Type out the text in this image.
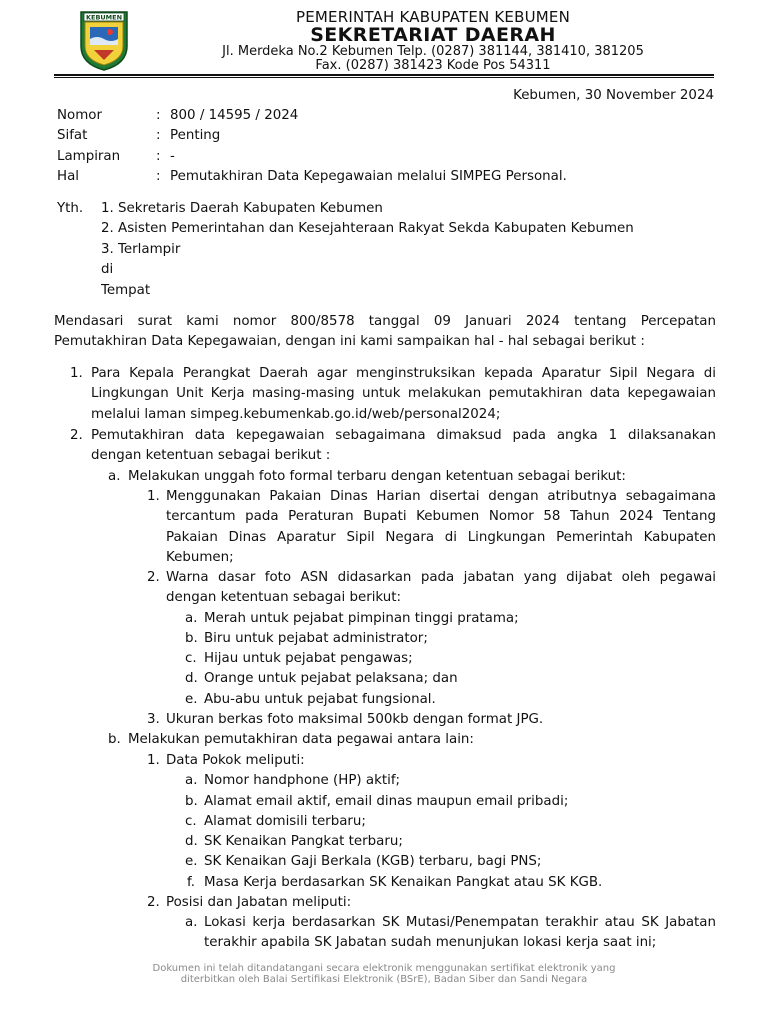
KEBUMEN	PEMERINTAH KABUPATEN KEBUMEN
SEKRETARIAT DAERAH
Jl. Merdeka No.2 Kebumen Telp. (0287) 381144, 381410, 381205
Fax. (0287) 381423 Kode Pos 54311
Kebumen, 30 November 2024
Nomor	: 800 / 14595 / 2024
Sifat	: Penting
Lampiran	: -
Hal	: Pemutakhiran Data Kepegawaian melalui SIMPEG Personal.
Yth. 1. Sekretaris Daerah Kabupaten Kebumen
2. Asisten Pemerintahan dan Kesejahteraan Rakyat Sekda Kabupaten Kebumen
3. Terlampir
di
Tempat
Mendasari surat kami nomor 800/8578 tanggal 09 Januari 2024 tentang Percepatan
Pemutakhiran Data Kepegawaian, dengan ini kami sampaikan hal - hal sebagai berikut :
1. Para Kepala Perangkat Daerah agar menginstruksikan kepada Aparatur Sipil Negara di
Lingkungan Unit Kerja masing-masing untuk melakukan pemutakhiran data kepegawaian
melalui laman simpeg.kebumenkab.go.id/web/personal2024;
2. Pemutakhiran data kepegawaian sebagaimana dimaksud pada angka 1 dilaksanakan
dengan ketentuan sebagai berikut :
a. Melakukan unggah foto formal terbaru dengan ketentuan sebagai berikut:
1. Menggunakan Pakaian Dinas Harian disertai dengan atributnya sebagaimana
tercantum pada Peraturan Bupati Kebumen Nomor 58 Tahun 2024 Tentang
Pakaian Dinas Aparatur Sipil Negara di Lingkungan Pemerintah Kabupaten
Kebumen;
2. Warna dasar foto ASN didasarkan pada jabatan yang dijabat oleh pegawai
dengan ketentuan sebagai berikut:
a. Merah untuk pejabat pimpinan tinggi pratama;
b. Biru untuk pejabat administrator;
c. Hijau untuk pejabat pengawas;
d. Orange untuk pejabat pelaksana; dan
e. Abu-abu untuk pejabat fungsional.
3. Ukuran berkas foto maksimal 500kb dengan format JPG.
b. Melakukan pemutakhiran data pegawai antara lain:
1. Data Pokok meliputi:
a. Nomor handphone (HP) aktif;
b. Alamat email aktif, email dinas maupun email pribadi;
c. Alamat domisili terbaru;
d. SK Kenaikan Pangkat terbaru;
e. SK Kenaikan Gaji Berkala (KGB) terbaru, bagi PNS;
f. Masa Kerja berdasarkan SK Kenaikan Pangkat atau SK KGB.
2. Posisi dan Jabatan meliputi:
a. Lokasi kerja berdasarkan SK Mutasi/Penempatan terakhir atau SK Jabatan
terakhir apabila SK Jabatan sudah menunjukan lokasi kerja saat ini;
Dokumen ini telah ditandatangani secara elektronik menggunakan sertifikat elektronik yang
diterbitkan oleh Balai Sertifikasi Elektronik (BSrE), Badan Siber dan Sandi Negara
